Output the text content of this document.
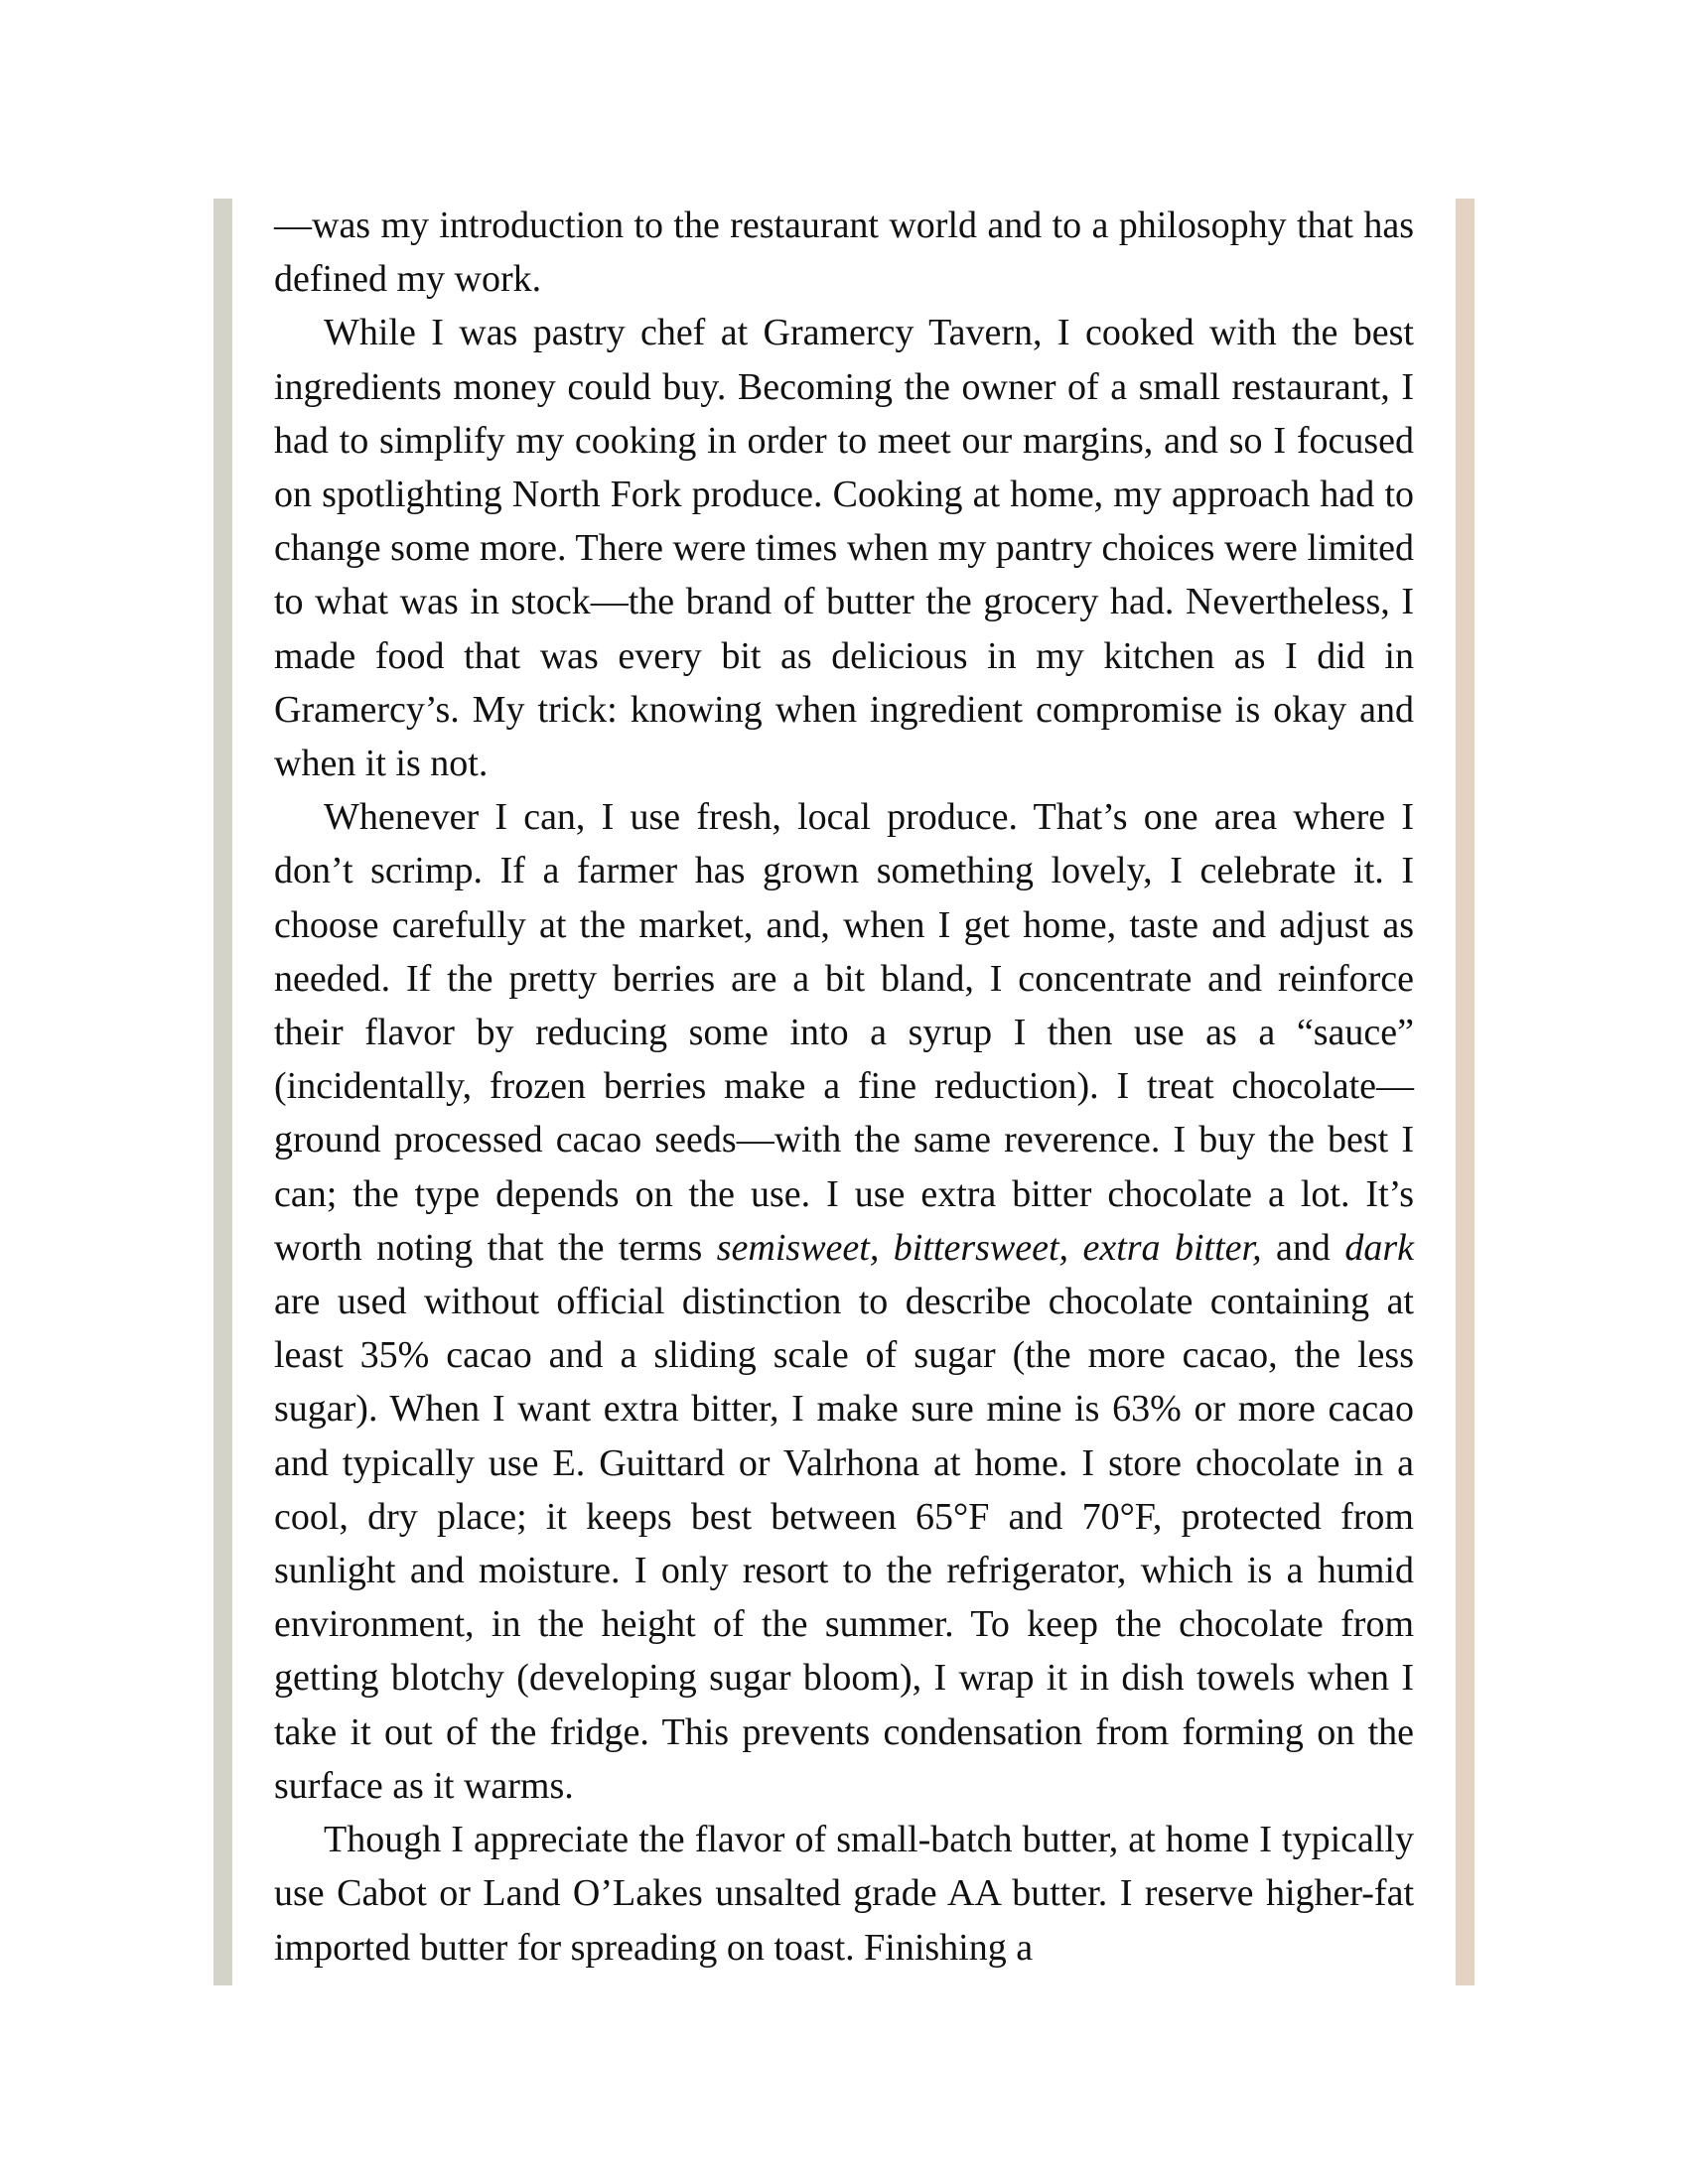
—was my introduction to the restaurant world and to a philosophy that has defined my work.

While I was pastry chef at Gramercy Tavern, I cooked with the best ingredients money could buy. Becoming the owner of a small restaurant, I had to simplify my cooking in order to meet our margins, and so I focused on spotlighting North Fork produce. Cooking at home, my approach had to change some more. There were times when my pantry choices were limited to what was in stock—the brand of butter the grocery had. Nevertheless, I made food that was every bit as delicious in my kitchen as I did in Gramercy’s. My trick: knowing when ingredient compromise is okay and when it is not.

Whenever I can, I use fresh, local produce. That’s one area where I don’t scrimp. If a farmer has grown something lovely, I celebrate it. I choose carefully at the market, and, when I get home, taste and adjust as needed. If the pretty berries are a bit bland, I concentrate and reinforce their flavor by reducing some into a syrup I then use as a “sauce” (incidentally, frozen berries make a fine reduction). I treat chocolate—ground processed cacao seeds—with the same reverence. I buy the best I can; the type depends on the use. I use extra bitter chocolate a lot. It’s worth noting that the terms semisweet, bittersweet, extra bitter, and dark are used without official distinction to describe chocolate containing at least 35% cacao and a sliding scale of sugar (the more cacao, the less sugar). When I want extra bitter, I make sure mine is 63% or more cacao and typically use E. Guittard or Valrhona at home. I store chocolate in a cool, dry place; it keeps best between 65°F and 70°F, protected from sunlight and moisture. I only resort to the refrigerator, which is a humid environment, in the height of the summer. To keep the chocolate from getting blotchy (developing sugar bloom), I wrap it in dish towels when I take it out of the fridge. This prevents condensation from forming on the surface as it warms.

Though I appreciate the flavor of small-batch butter, at home I typically use Cabot or Land O’Lakes unsalted grade AA butter. I reserve higher-fat imported butter for spreading on toast. Finishing a
